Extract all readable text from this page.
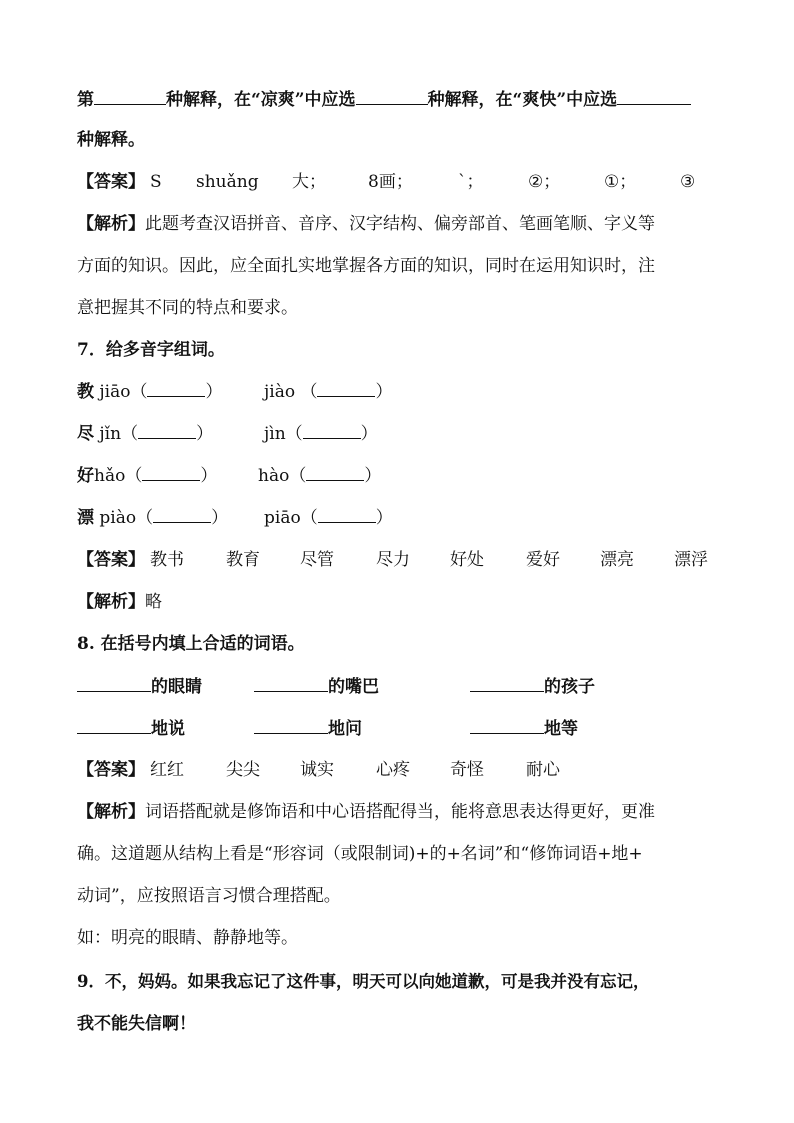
第	种解释，在“凉爽”中应选	种解释，在“爽快”中应选
种解释。
【答案】 S shuǎng 大； 8画；	ˋ；	②；	①；	③
【解析】此题考查汉语拼音、音序、汉字结构、偏旁部首、笔画笔顺、字义等
方面的知识。因此，应全面扎实地掌握各方面的知识，同时在运用知识时，注
意把握其不同的特点和要求。
7．给多音字组词。
教 jiāo（	） jiào （	）
尽 jǐn（	）	jìn（	）
好hǎo（	） hào（	）
漂 piào（	） piāo（	）
【答案】 教书 教育 尽管 尽力 好处 爱好 漂亮 漂浮
【解析】略
8. 在括号内填上合适的词语。
的眼睛	的嘴巴	的孩子
地说	地问	地等
【答案】 红红 尖尖 诚实 心疼 奇怪 耐心
【解析】词语搭配就是修饰语和中心语搭配得当，能将意思表达得更好，更准
确。这道题从结构上看是“形容词（或限制词)+的+名词”和“修饰词语+地+
动词”，应按照语言习惯合理搭配。
如：明亮的眼睛、静静地等。
9．不，妈妈。如果我忘记了这件事，明天可以向她道歉，可是我并没有忘记，
我不能失信啊！
